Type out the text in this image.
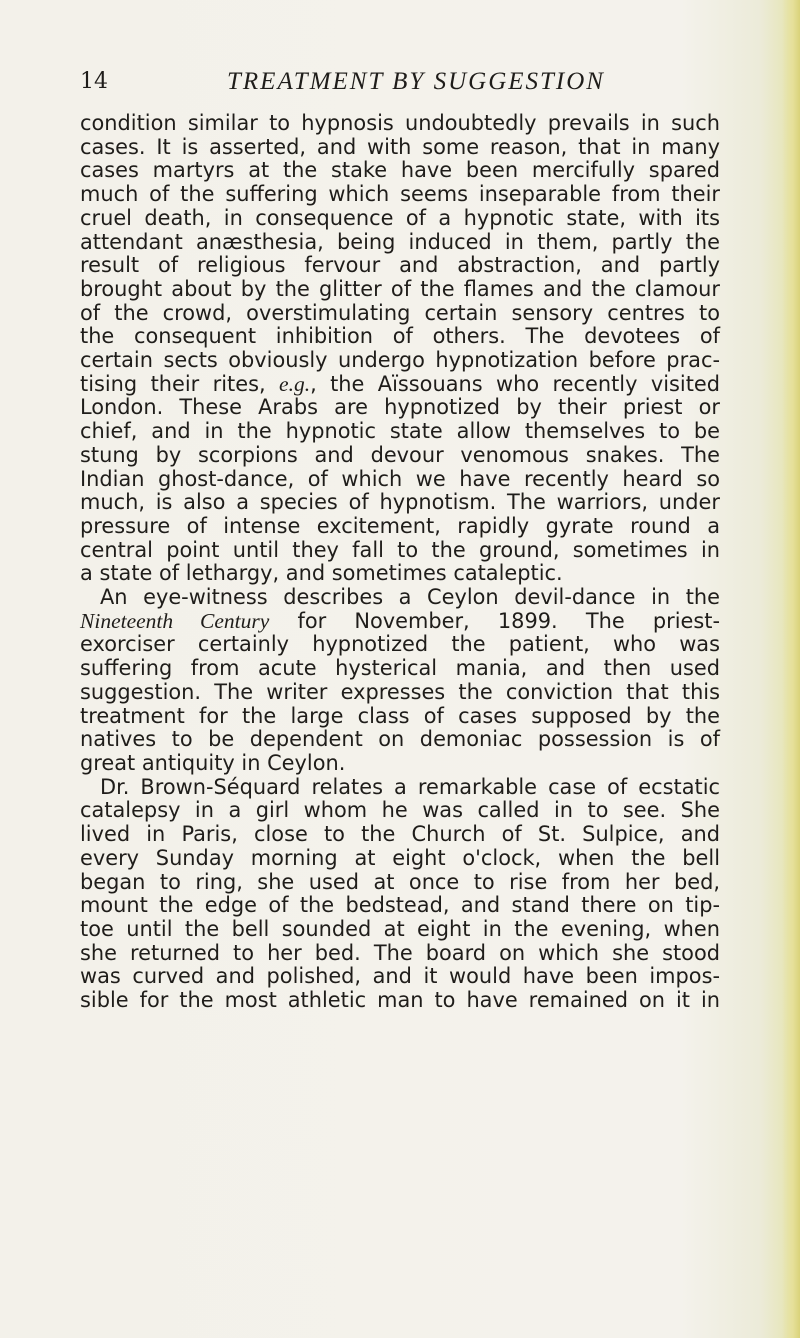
14	TREATMENT BY SUGGESTION

condition similar to hypnosis undoubtedly prevails in such

cases. It is asserted, and with some reason, that in many

cases martyrs at the stake have been mercifully spared

much of the suffering which seems inseparable from their

cruel death, in consequence of a hypnotic state, with its

attendant anæsthesia, being induced in them, partly the

result of religious fervour and abstraction, and partly

brought about by the glitter of the flames and the clamour

of the crowd, overstimulating certain sensory centres to

the consequent inhibition of others. The devotees of

certain sects obviously undergo hypnotization before prac-

tising their rites, e.g., the Aïssouans who recently visited

London. These Arabs are hypnotized by their priest or

chief, and in the hypnotic state allow themselves to be

stung by scorpions and devour venomous snakes. The

Indian ghost-dance, of which we have recently heard so

much, is also a species of hypnotism. The warriors, under

pressure of intense excitement, rapidly gyrate round a

central point until they fall to the ground, sometimes in

a state of lethargy, and sometimes cataleptic.

An eye-witness describes a Ceylon devil-dance in the

Nineteenth Century for November, 1899. The priest-

exorciser certainly hypnotized the patient, who was

suffering from acute hysterical mania, and then used

suggestion. The writer expresses the conviction that this

treatment for the large class of cases supposed by the

natives to be dependent on demoniac possession is of

great antiquity in Ceylon.

Dr. Brown-Séquard relates a remarkable case of ecstatic

catalepsy in a girl whom he was called in to see. She

lived in Paris, close to the Church of St. Sulpice, and

every Sunday morning at eight o'clock, when the bell

began to ring, she used at once to rise from her bed,

mount the edge of the bedstead, and stand there on tip-

toe until the bell sounded at eight in the evening, when

she returned to her bed. The board on which she stood

was curved and polished, and it would have been impos-

sible for the most athletic man to have remained on it in
